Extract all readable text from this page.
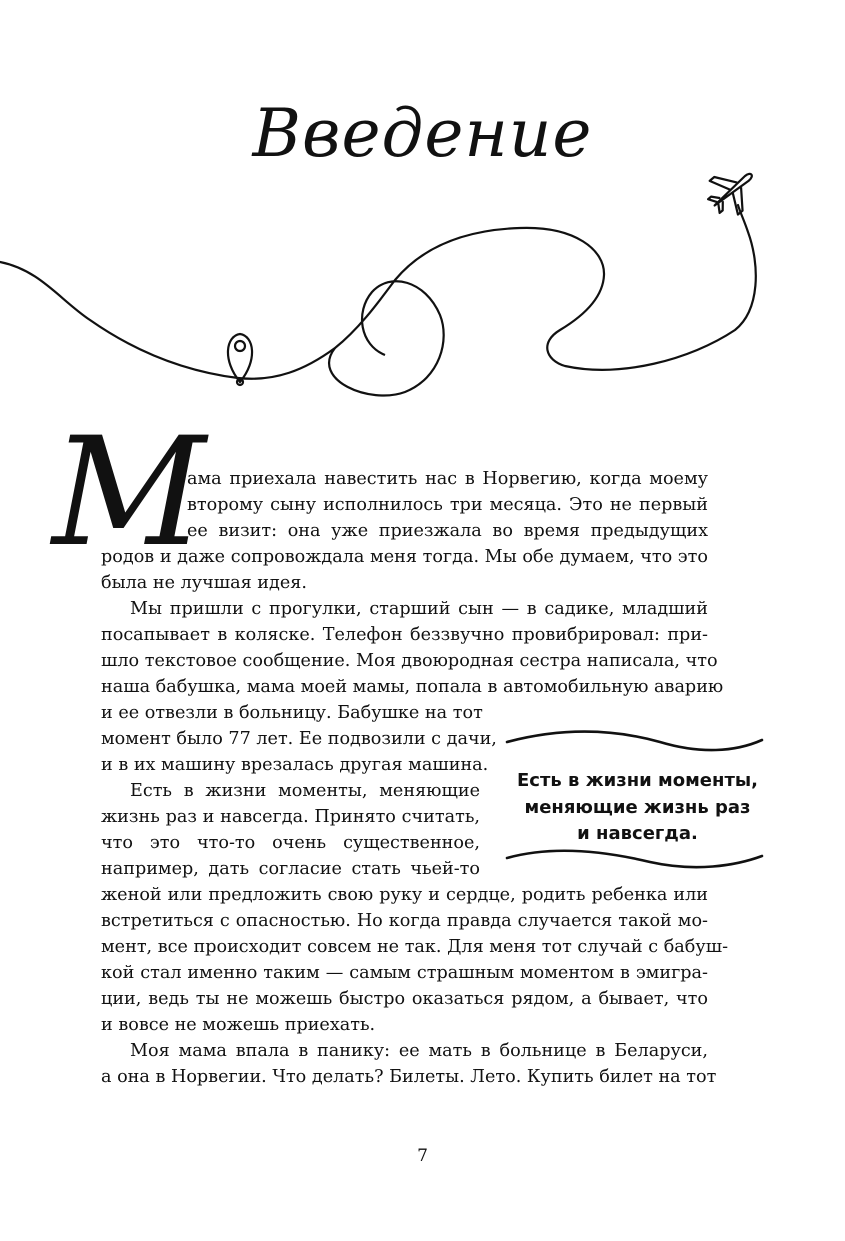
Введение
М
ама приехала навестить нас в Норвегию, когда моему
второму сыну исполнилось три месяца. Это не первый
ее визит: она уже приезжала во время предыдущих
родов и даже сопровождала меня тогда. Мы обе думаем, что это
была не лучшая идея.
Мы пришли с прогулки, старший сын — в садике, младший
посапывает в коляске. Телефон беззвучно провибрировал: при-
шло текстовое сообщение. Моя двоюродная сестра написала, что
наша бабушка, мама моей мамы, попала в автомобильную аварию
и ее отвезли в больницу. Бабушке на тот
момент было 77 лет. Ее подвозили с дачи,
и в их машину врезалась другая машина.
Есть в жизни моменты, меняющие
жизнь раз и навсегда. Принято считать,
что это что-то очень существенное,
например, дать согласие стать чьей-то
женой или предложить свою руку и сердце, родить ребенка или
встретиться с опасностью. Но когда правда случается такой мо-
мент, все происходит совсем не так. Для меня тот случай с бабуш-
кой стал именно таким — самым страшным моментом в эмигра-
ции, ведь ты не можешь быстро оказаться рядом, а бывает, что
и вовсе не можешь приехать.
Моя мама впала в панику: ее мать в больнице в Беларуси,
а она в Норвегии. Что делать? Билеты. Лето. Купить билет на тот
Есть в жизни моменты,
меняющие жизнь раз
и навсегда.
7
